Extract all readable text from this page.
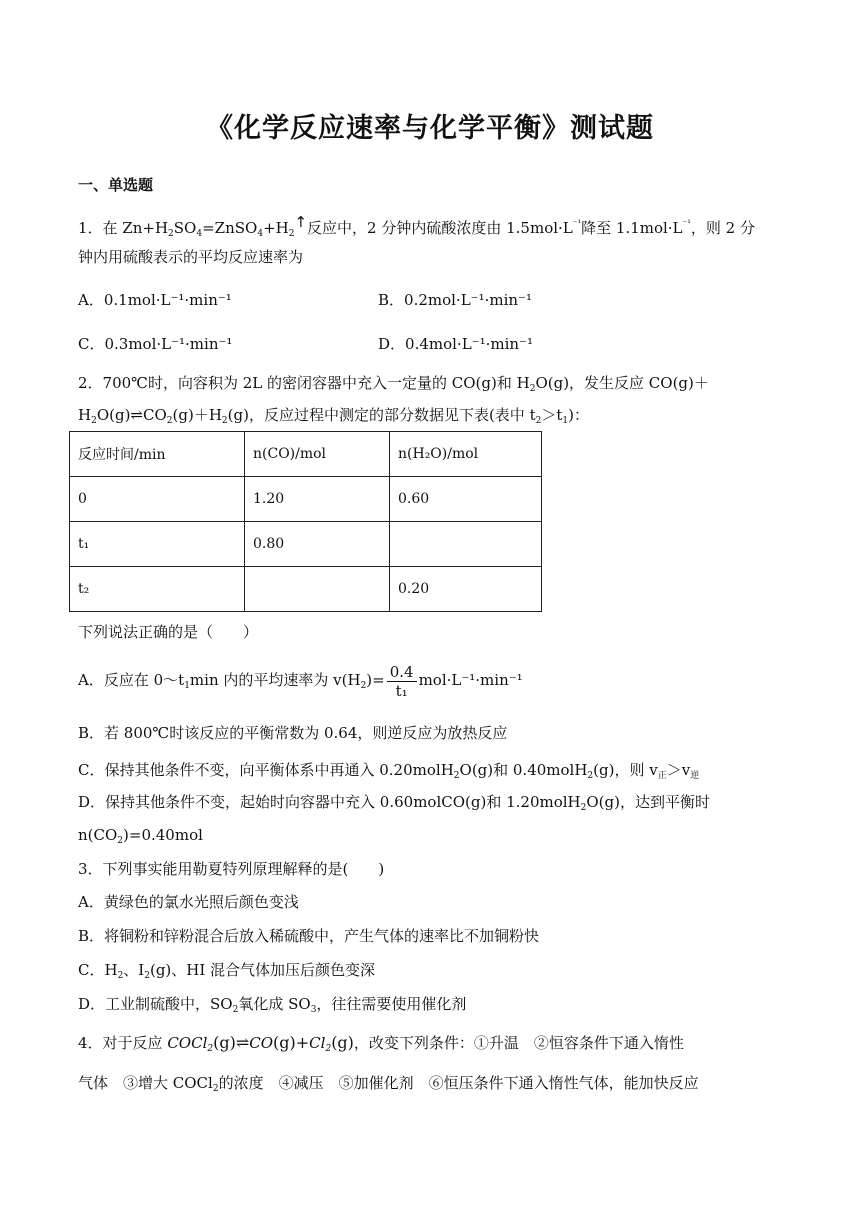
《化学反应速率与化学平衡》测试题
一、单选题
1．在 $Zn+H_2SO_4=ZnSO_4+H_2↑$反应中，2 分钟内硫酸浓度由 $1.5mol\cdot L^{^{-1}}$降至 $1.1mol\cdot L^{^{-1}}$，则 2 分
钟内用硫酸表示的平均反应速率为
A．0.1mol·L⁻¹·min⁻¹	B．0.2mol·L⁻¹·min⁻¹
C．0.3mol·L⁻¹·min⁻¹	D．0.4mol·L⁻¹·min⁻¹
2．700℃时，向容积为 2L 的密闭容器中充入一定量的 CO(g)和 $H_2O(g)$，发生反应 CO(g)＋
$H_2O(g)\rightleftharpoons CO_2(g)+H_2(g)$，反应过程中测定的部分数据见下表(表中 $t_2>t_1$)：
反应时间/min	n(CO)/mol	n(H₂O)/mol
0	1.20	0.60
t₁	0.80	
t₂		0.20
下列说法正确的是（　　）
A．反应在 $0\sim t_1\min$ 内的平均速率为 $v(H_2)= \frac{0.4}{\text{t₁}} mol\cdot L^{-1}\cdot\min^{-1}$
B．若 800℃时该反应的平衡常数为 0.64，则逆反应为放热反应
C．保持其他条件不变，向平衡体系中再通入 0.20molH$_2$O(g)和 0.40molH$_2$(g)，则 $v_正>v_逆$
D．保持其他条件不变，起始时向容器中充入 0.60molCO(g)和 1.20molH$_2$O(g)，达到平衡时
$n(CO_2)=0.40mol$
3．下列事实能用勒夏特列原理解释的是(　　)
A．黄绿色的氯水光照后颜色变浅
B．将铜粉和锌粉混合后放入稀硫酸中，产生气体的速率比不加铜粉快
C．$H_2$、$I_2(g)$、HI 混合气体加压后颜色变深
D．工业制硫酸中，$SO_2$氧化成 $SO_3$，往往需要使用催化剂
4．对于反应 $COCl_2(g)\rightleftharpoons CO(g)+Cl_2(g)$，改变下列条件：①升温　②恒容条件下通入惰性
气体　③增大 COCl$_2$的浓度　④减压　⑤加催化剂　⑥恒压条件下通入惰性气体，能加快反应
